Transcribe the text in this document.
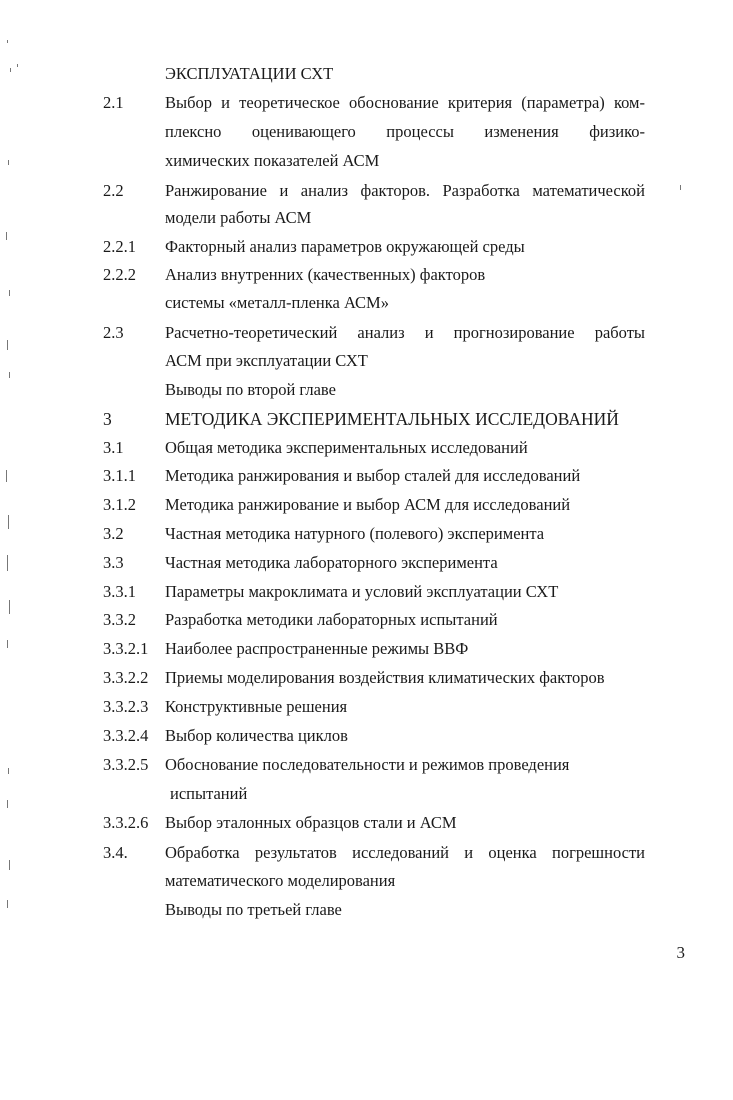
ЭКСПЛУАТАЦИИ СХТ
2.1	Выбор и теоретическое обоснование критерия (параметра) ком-
плексно оценивающего процессы изменения физико-
химических показателей АСМ
2.2	Ранжирование и анализ факторов. Разработка математической
модели работы АСМ
2.2.1 Факторный анализ параметров окружающей среды
2.2.2 Анализ внутренних (качественных) факторов
системы «металл-пленка АСМ»
2.3	Расчетно-теоретический анализ и прогнозирование работы
АСМ при эксплуатации СХТ
Выводы по второй главе
3	МЕТОДИКА ЭКСПЕРИМЕНТАЛЬНЫХ ИССЛЕДОВАНИЙ
3.1	Общая методика экспериментальных исследований
3.1.1 Методика ранжирования и выбор сталей для исследований
3.1.2 Методика ранжирование и выбор АСМ для исследований
3.2	Частная методика натурного (полевого) эксперимента
3.3	Частная методика лабораторного эксперимента
3.3.1 Параметры макроклимата и условий эксплуатации СХТ
3.3.2 Разработка методики лабораторных испытаний
3.3.2.1 Наиболее распространенные режимы ВВФ
3.3.2.2 Приемы моделирования воздействия климатических факторов
3.3.2.3 Конструктивные решения
3.3.2.4 Выбор количества циклов
3.3.2.5 Обоснование последовательности и режимов проведения
испытаний
3.3.2.6 Выбор эталонных образцов стали и АСМ
3.4. Обработка результатов исследований и оценка погрешности
математического моделирования
Выводы по третьей главе
3
